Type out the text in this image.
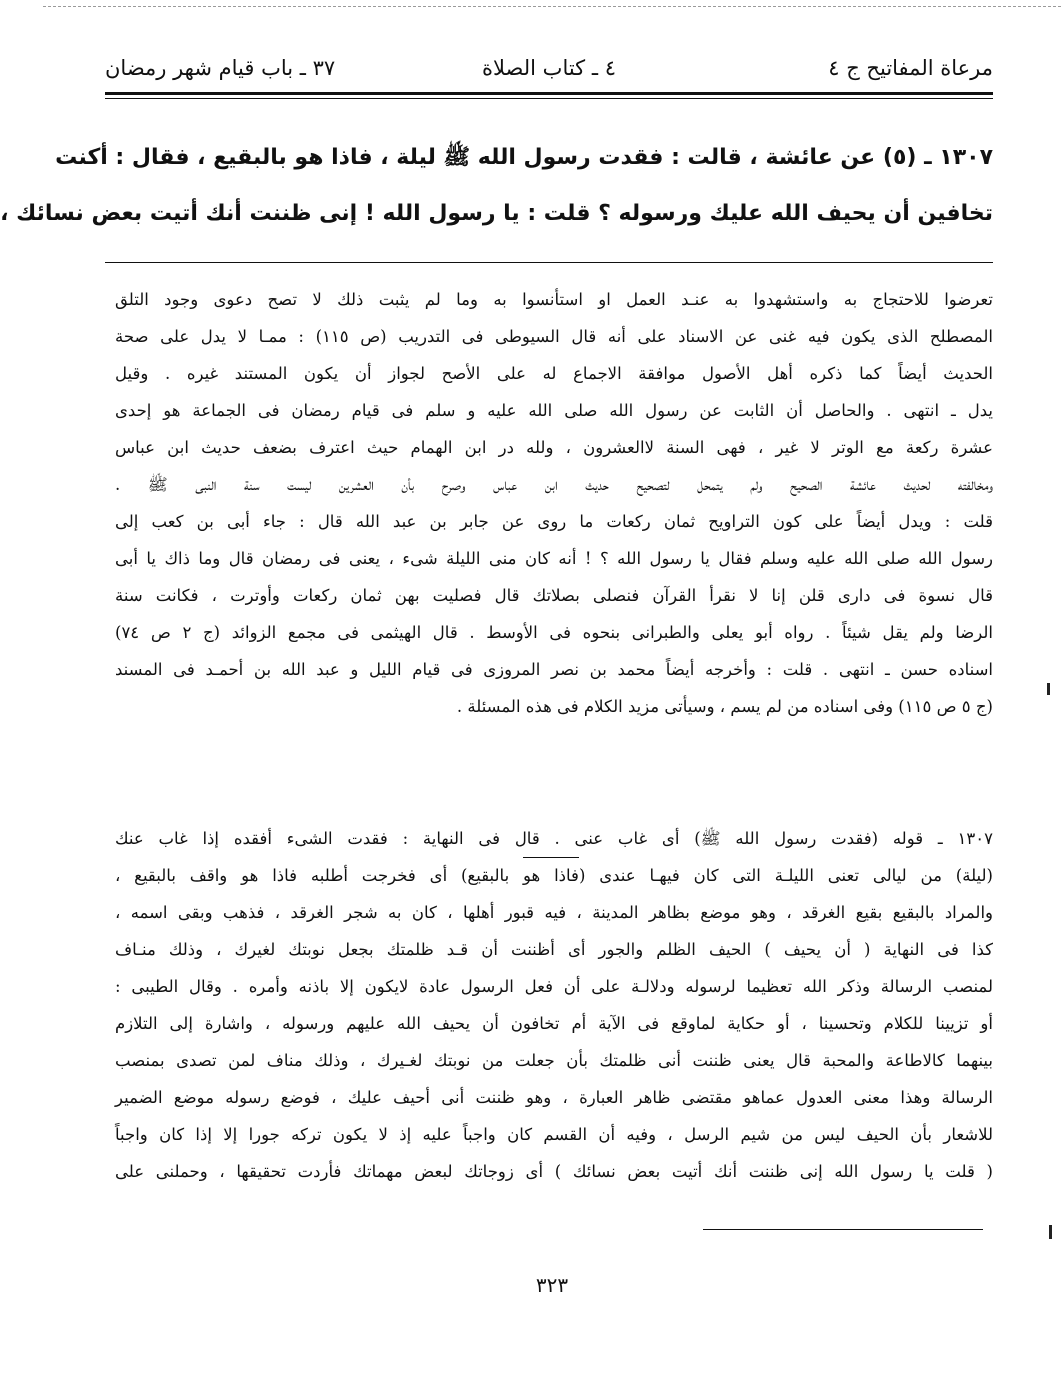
مرعاة المفاتيح ج ٤
٤ ـ كتاب الصلاة
٣٧ ـ باب قيام شهر رمضان

١٣٠٧ ـ (٥) عن عائشة ، قالت : فقدت رسول الله ﷺ ليلة ، فاذا هو بالبقيع ، فقال : أكنت

تخافين أن يحيف الله عليك ورسوله ؟ قلت : يا رسول الله ! إنى ظننت أنك أتيت بعض نسائك ،

تعرضوا للاحتجاج به واستشهدوا به عنـد العمل او استأنسوا به وما لم يثبت ذلك لا تصح دعوى وجود التلق

المصطلح الذى يكون فيه غنى عن الاسناد على أنه قال السيوطى فى التدريب (ص ١١٥) : ممـا لا يدل على صحة

الحديث أيضاً كما ذكره أهل الأصول موافقة الاجماع له على الأصح لجواز أن يكون المستند غيره . وقيل

يدل ـ انتهى . والحاصل أن الثابت عن رسول الله صلى الله عليه و سلم فى قيام رمضان فى الجماعة هو إحدى

عشرة ركعة مع الوتر لا غير ، فهى السنة لاالعشرون ، ولله در ابن الهمام حيث اعترف بضعف حديث ابن عباس

ومخالفته لحديث عائشة الصحيح ولم يتمحل لتصحيح حديث ابن عباس وصرح بأن العشرين ليست سنة النبى ﷺ .

قلت : ويدل أيضاً على كون التراويح ثمان ركعات ما روى عن جابر بن عبد الله قال : جاء أبى بن كعب إلى

رسول الله صلى الله عليه وسلم فقال يا رسول الله ؟ ! أنه كان منى الليلة شىء ، يعنى فى رمضان قال وما ذاك يا أبى

قال نسوة فى دارى قلن إنا لا نقرأ القرآن فنصلى بصلاتك قال فصليت بهن ثمان ركعات وأوترت ، فكانت سنة

الرضا ولم يقل شيئاً . رواه أبو يعلى والطبرانى بنحوه فى الأوسط . قال الهيثمى فى مجمع الزوائد (ج ٢ ص ٧٤)

اسناده حسن ـ انتهى . قلت : وأخرجه أيضاً محمد بن نصر المروزى فى قيام الليل و عبد الله بن أحمـد فى المسند

(ج ٥ ص ١١٥) وفى اسناده من لم يسم ، وسيأتى مزيد الكلام فى هذه المسئلة .

١٣٠٧ ـ قوله (فقدت رسول الله ﷺ) أى غاب عنى . قال فى النهاية : فقدت الشىء أفقده إذا غاب عنك

(ليلة) من ليالى تعنى الليلـة التى كان فيهـا عندى (فاذا هو بالبقيع) أى فخرجت أطلبه فاذا هو واقف بالبقيع ،

والمراد بالبقيع بقيع الغرقد ، وهو موضع بظاهر المدينة ، فيه قبور أهلها ، كان به شجر الغرقد ، فذهب وبقى اسمه ،

كذا فى النهاية ( أن يحيف ) الحيف الظلم والجور أى أظننت أن قـد ظلمتك بجعل نوبتك لغيرك ، وذلك منـاف

لمنصب الرسالة وذكر الله تعظيما لرسوله ودلالـة على أن فعل الرسول عادة لايكون إلا باذنه وأمره . وقال الطيبى :

أو تزيينا للكلام وتحسينا ، أو حكاية لماوقع فى الآية أم تخافون أن يحيف الله عليهم ورسوله ، واشارة إلى التلازم

بينهما كالاطاعة والمحبة قال يعنى ظننت أنى ظلمتك بأن جعلت من نوبتك لغـيرك ، وذلك مناف لمن تصدى بمنصب

الرسالة وهذا معنى العدول عماهو مقتضى ظاهر العبارة ، وهو ظننت أنى أحيف عليك ، فوضع رسوله موضع الضمير

للاشعار بأن الحيف ليس من شيم الرسل ، وفيه أن القسم كان واجباً عليه إذ لا يكون تركه جورا إلا إذا كان واجباً

( قلت يا رسول الله إنى ظننت أنك أتيت بعض نسائك ) أى زوجاتك لبعض مهماتك فأردت تحقيقها ، وحملنى على

٣٢٣
